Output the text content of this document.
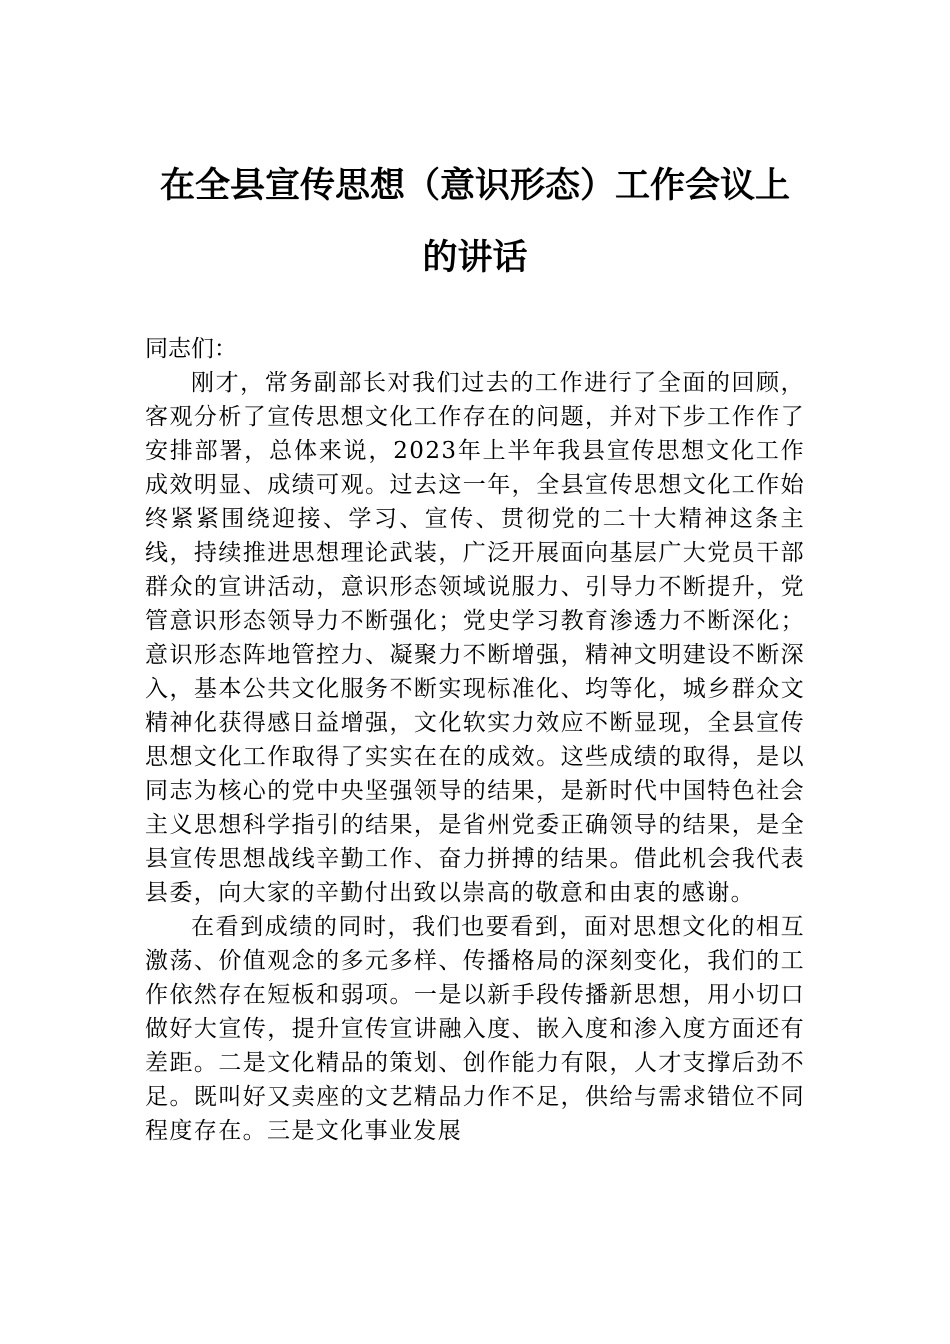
在全县宣传思想（意识形态）工作会议上
的讲话

同志们：

刚才，常务副部长对我们过去的工作进行了全面的回顾，客观分析了宣传思想文化工作存在的问题，并对下步工作作了安排部署，总体来说，2023年上半年我县宣传思想文化工作成效明显、成绩可观。过去这一年，全县宣传思想文化工作始终紧紧围绕迎接、学习、宣传、贯彻党的二十大精神这条主线，持续推进思想理论武装，广泛开展面向基层广大党员干部群众的宣讲活动，意识形态领域说服力、引导力不断提升，党管意识形态领导力不断强化；党史学习教育渗透力不断深化；意识形态阵地管控力、凝聚力不断增强，精神文明建设不断深入，基本公共文化服务不断实现标准化、均等化，城乡群众文精神化获得感日益增强，文化软实力效应不断显现，全县宣传思想文化工作取得了实实在在的成效。这些成绩的取得，是以同志为核心的党中央坚强领导的结果，是新时代中国特色社会主义思想科学指引的结果，是省州党委正确领导的结果，是全县宣传思想战线辛勤工作、奋力拼搏的结果。借此机会我代表县委，向大家的辛勤付出致以崇高的敬意和由衷的感谢。

在看到成绩的同时，我们也要看到，面对思想文化的相互激荡、价值观念的多元多样、传播格局的深刻变化，我们的工作依然存在短板和弱项。一是以新手段传播新思想，用小切口做好大宣传，提升宣传宣讲融入度、嵌入度和渗入度方面还有差距。二是文化精品的策划、创作能力有限，人才支撑后劲不足。既叫好又卖座的文艺精品力作不足，供给与需求错位不同程度存在。三是文化事业发展
